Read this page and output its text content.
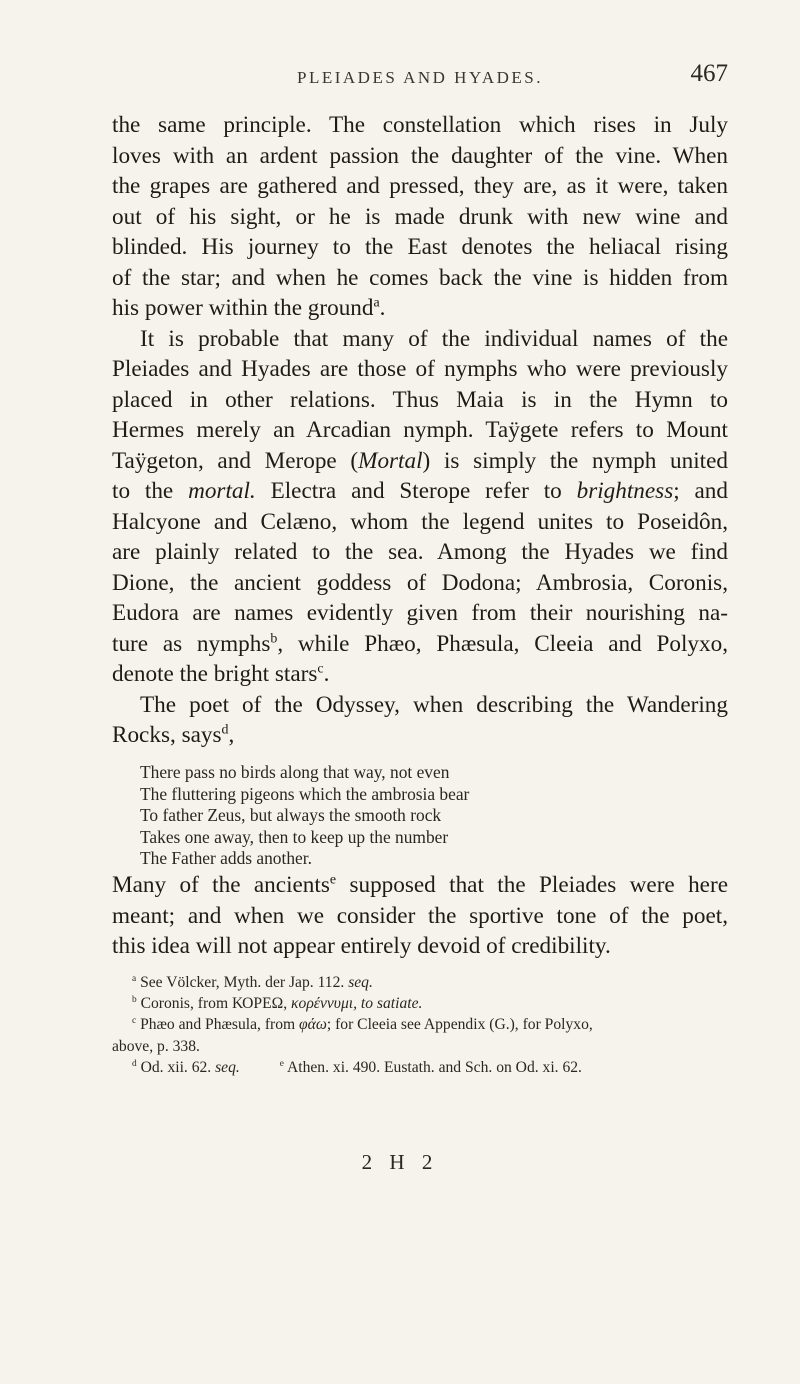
PLEIADES AND HYADES.	467
the same principle. The constellation which rises in July
loves with an ardent passion the daughter of the vine. When
the grapes are gathered and pressed, they are, as it were, taken
out of his sight, or he is made drunk with new wine and
blinded. His journey to the East denotes the heliacal rising
of the star; and when he comes back the vine is hidden from
his power within the ground$^a$.
It is probable that many of the individual names of the
Pleiades and Hyades are those of nymphs who were previously
placed in other relations. Thus Maia is in the Hymn to
Hermes merely an Arcadian nymph. Taÿgete refers to Mount
Taÿgeton, and Merope (Mortal) is simply the nymph united
to the mortal. Electra and Sterope refer to brightness; and
Halcyone and Celæno, whom the legend unites to Poseidôn,
are plainly related to the sea. Among the Hyades we find
Dione, the ancient goddess of Dodona; Ambrosia, Coronis,
Eudora are names evidently given from their nourishing na-
ture as nymphs$^b$, while Phæo, Phæsula, Cleeia and Polyxo,
denote the bright stars$^c$.
The poet of the Odyssey, when describing the Wandering
Rocks, says$^d$,
There pass no birds along that way, not even
The fluttering pigeons which the ambrosia bear
To father Zeus, but always the smooth rock
Takes one away, then to keep up the number
The Father adds another.
Many of the ancients$^e$ supposed that the Pleiades were here
meant; and when we consider the sportive tone of the poet,
this idea will not appear entirely devoid of credibility.
$^a$ See Völcker, Myth. der Jap. 112. seq.
$^b$ Coronis, from ΚΟΡΕΩ, κορέννυμι, to satiate.
$^c$ Phæo and Phæsula, from φάω; for Cleeia see Appendix (G.), for Polyxo,
above, p. 338.
$^d$ Od. xii. 62. seq.	$^e$ Athen. xi. 490. Eustath. and Sch. on Od. xi. 62.
2 H 2
